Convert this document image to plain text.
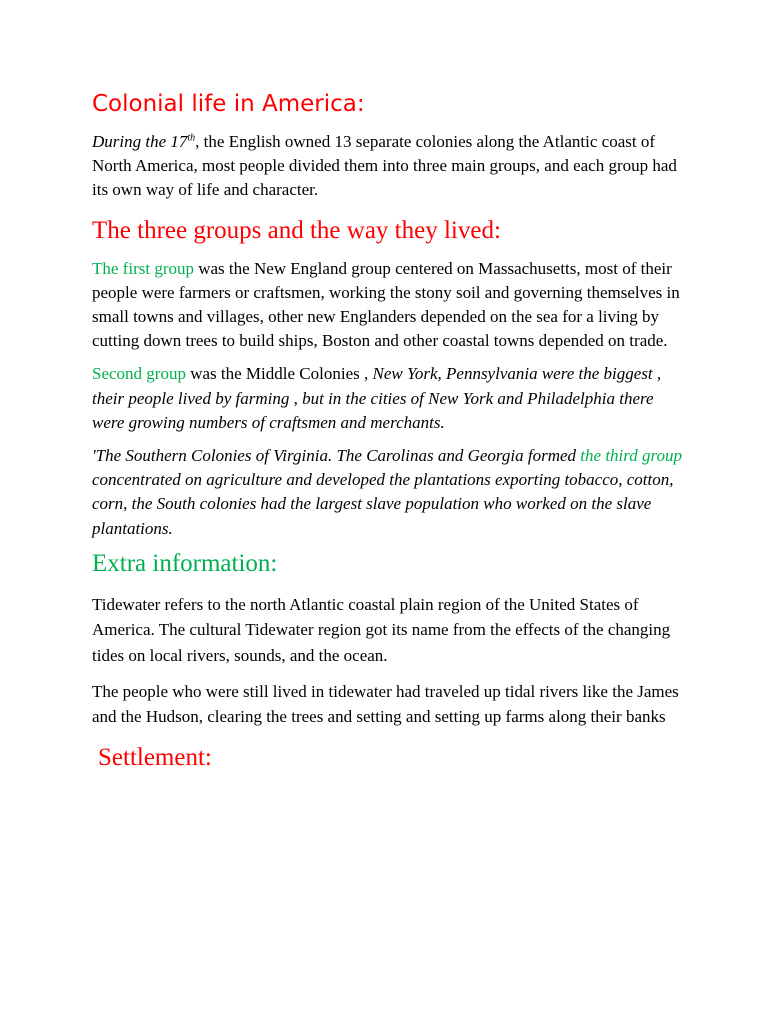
Colonial life in America:

During the 17th, the English owned 13 separate colonies along the Atlantic coast of North America, most people divided them into three main groups, and each group had its own way of life and character.

The three groups and the way they lived:

The first group was the New England group centered on Massachusetts, most of their people were farmers or craftsmen, working the stony soil and governing themselves in small towns and villages, other new Englanders depended on the sea for a living by cutting down trees to build ships, Boston and other coastal towns depended on trade.

Second group was the Middle Colonies , New York, Pennsylvania were the biggest , their people lived by farming , but in the cities of New York and Philadelphia there were growing numbers of craftsmen and merchants.

'The Southern Colonies of Virginia. The Carolinas and Georgia formed the third group concentrated on agriculture and developed the plantations exporting tobacco, cotton, corn, the South colonies had the largest slave population who worked on the slave plantations.

Extra information:

Tidewater refers to the north Atlantic coastal plain region of the United States of America. The cultural Tidewater region got its name from the effects of the changing tides on local rivers, sounds, and the ocean.

The people who were still lived in tidewater had traveled up tidal rivers like the James and the Hudson, clearing the trees and setting and setting up farms along their banks

Settlement:
